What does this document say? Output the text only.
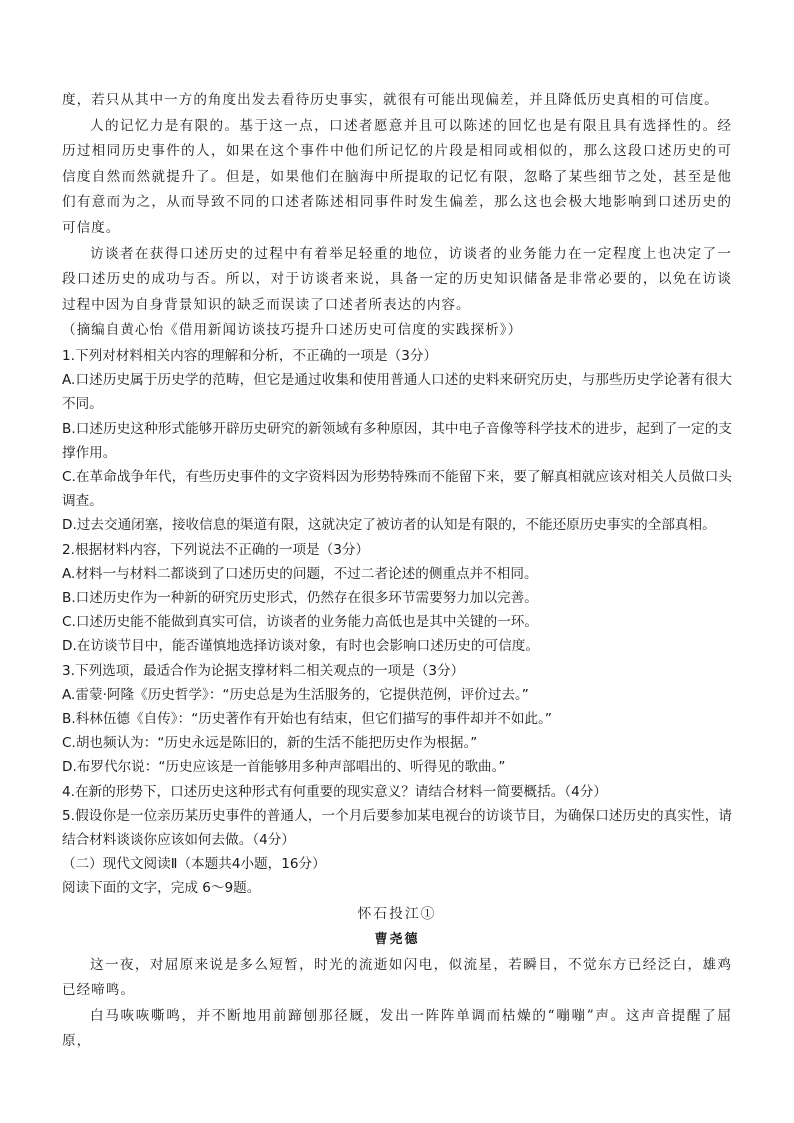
度，若只从其中一方的角度出发去看待历史事实，就很有可能出现偏差，并且降低历史真相的可信度。

人的记忆力是有限的。基于这一点，口述者愿意并且可以陈述的回忆也是有限且具有选择性的。经历过相同历史事件的人，如果在这个事件中他们所记忆的片段是相同或相似的，那么这段口述历史的可信度自然而然就提升了。但是，如果他们在脑海中所提取的记忆有限，忽略了某些细节之处，甚至是他们有意而为之，从而导致不同的口述者陈述相同事件时发生偏差，那么这也会极大地影响到口述历史的可信度。

访谈者在获得口述历史的过程中有着举足轻重的地位，访谈者的业务能力在一定程度上也决定了一段口述历史的成功与否。所以，对于访谈者来说，具备一定的历史知识储备是非常必要的，以免在访谈过程中因为自身背景知识的缺乏而误读了口述者所表达的内容。

（摘编自黄心怡《借用新闻访谈技巧提升口述历史可信度的实践探析》）

1.下列对材料相关内容的理解和分析，不正确的一项是（3分）

A.口述历史属于历史学的范畴，但它是通过收集和使用普通人口述的史料来研究历史，与那些历史学论著有很大不同。

B.口述历史这种形式能够开辟历史研究的新领域有多种原因，其中电子音像等科学技术的进步，起到了一定的支撑作用。

C.在革命战争年代，有些历史事件的文字资料因为形势特殊而不能留下来，要了解真相就应该对相关人员做口头调查。

D.过去交通闭塞，接收信息的渠道有限，这就决定了被访者的认知是有限的，不能还原历史事实的全部真相。

2.根据材料内容，下列说法不正确的一项是（3分）

A.材料一与材料二都谈到了口述历史的问题，不过二者论述的侧重点并不相同。

B.口述历史作为一种新的研究历史形式，仍然存在很多环节需要努力加以完善。

C.口述历史能不能做到真实可信，访谈者的业务能力高低也是其中关键的一环。

D.在访谈节目中，能否谨慎地选择访谈对象，有时也会影响口述历史的可信度。

3.下列选项，最适合作为论据支撑材料二相关观点的一项是（3分）

A.雷蒙·阿隆《历史哲学》：“历史总是为生活服务的，它提供范例，评价过去。”

B.科林伍德《自传》：“历史著作有开始也有结束，但它们描写的事件却并不如此。”

C.胡也频认为：“历史永远是陈旧的，新的生活不能把历史作为根据。”

D.布罗代尔说：“历史应该是一首能够用多种声部唱出的、听得见的歌曲。”

4.在新的形势下，口述历史这种形式有何重要的现实意义？请结合材料一简要概括。（4分）

5.假设你是一位亲历某历史事件的普通人，一个月后要参加某电视台的访谈节目，为确保口述历史的真实性，请结合材料谈谈你应该如何去做。（4分）

（二）现代文阅读Ⅱ（本题共4小题，16分）

阅读下面的文字，完成 6～9题。

怀石投江①

曹尧德

这一夜，对屈原来说是多么短暂，时光的流逝如闪电，似流星，若瞬目，不觉东方已经泛白，雄鸡已经啼鸣。

白马咴咴嘶鸣，并不断地用前蹄刨那径厩，发出一阵阵单调而枯燥的“嘣嘣”声。这声音提醒了屈原，
